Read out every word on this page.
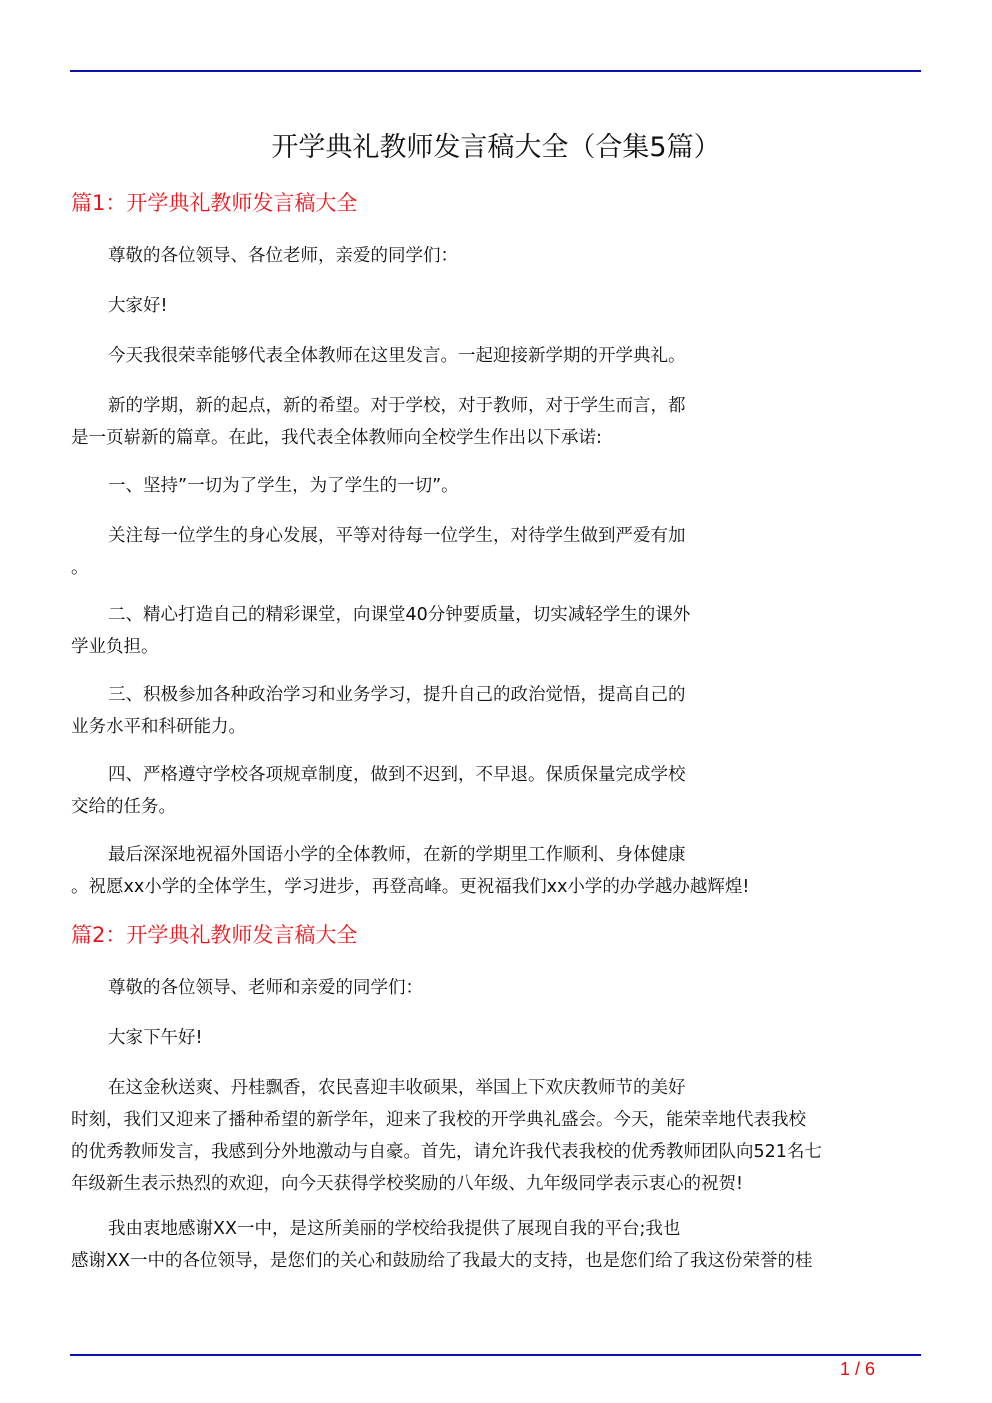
开学典礼教师发言稿大全（合集5篇）
篇1：开学典礼教师发言稿大全
尊敬的各位领导、各位老师，亲爱的同学们：
大家好!
今天我很荣幸能够代表全体教师在这里发言。一起迎接新学期的开学典礼。
新的学期，新的起点，新的希望。对于学校，对于教师，对于学生而言，都
是一页崭新的篇章。在此，我代表全体教师向全校学生作出以下承诺:
一、坚持”一切为了学生，为了学生的一切”。
关注每一位学生的身心发展，平等对待每一位学生，对待学生做到严爱有加
。
二、精心打造自己的精彩课堂，向课堂40分钟要质量，切实减轻学生的课外
学业负担。
三、积极参加各种政治学习和业务学习，提升自己的政治觉悟，提高自己的
业务水平和科研能力。
四、严格遵守学校各项规章制度，做到不迟到，不早退。保质保量完成学校
交给的任务。
最后深深地祝福外国语小学的全体教师，在新的学期里工作顺利、身体健康
。祝愿xx小学的全体学生，学习进步，再登高峰。更祝福我们xx小学的办学越办越辉煌!
篇2：开学典礼教师发言稿大全
尊敬的各位领导、老师和亲爱的同学们：
大家下午好!
在这金秋送爽、丹桂飘香，农民喜迎丰收硕果，举国上下欢庆教师节的美好
时刻，我们又迎来了播种希望的新学年，迎来了我校的开学典礼盛会。今天，能荣幸地代表我校
的优秀教师发言，我感到分外地激动与自豪。首先，请允许我代表我校的优秀教师团队向521名七
年级新生表示热烈的欢迎，向今天获得学校奖励的八年级、九年级同学表示衷心的祝贺!
我由衷地感谢XX一中，是这所美丽的学校给我提供了展现自我的平台;我也
感谢XX一中的各位领导，是您们的关心和鼓励给了我最大的支持，也是您们给了我这份荣誉的桂
1 / 6
